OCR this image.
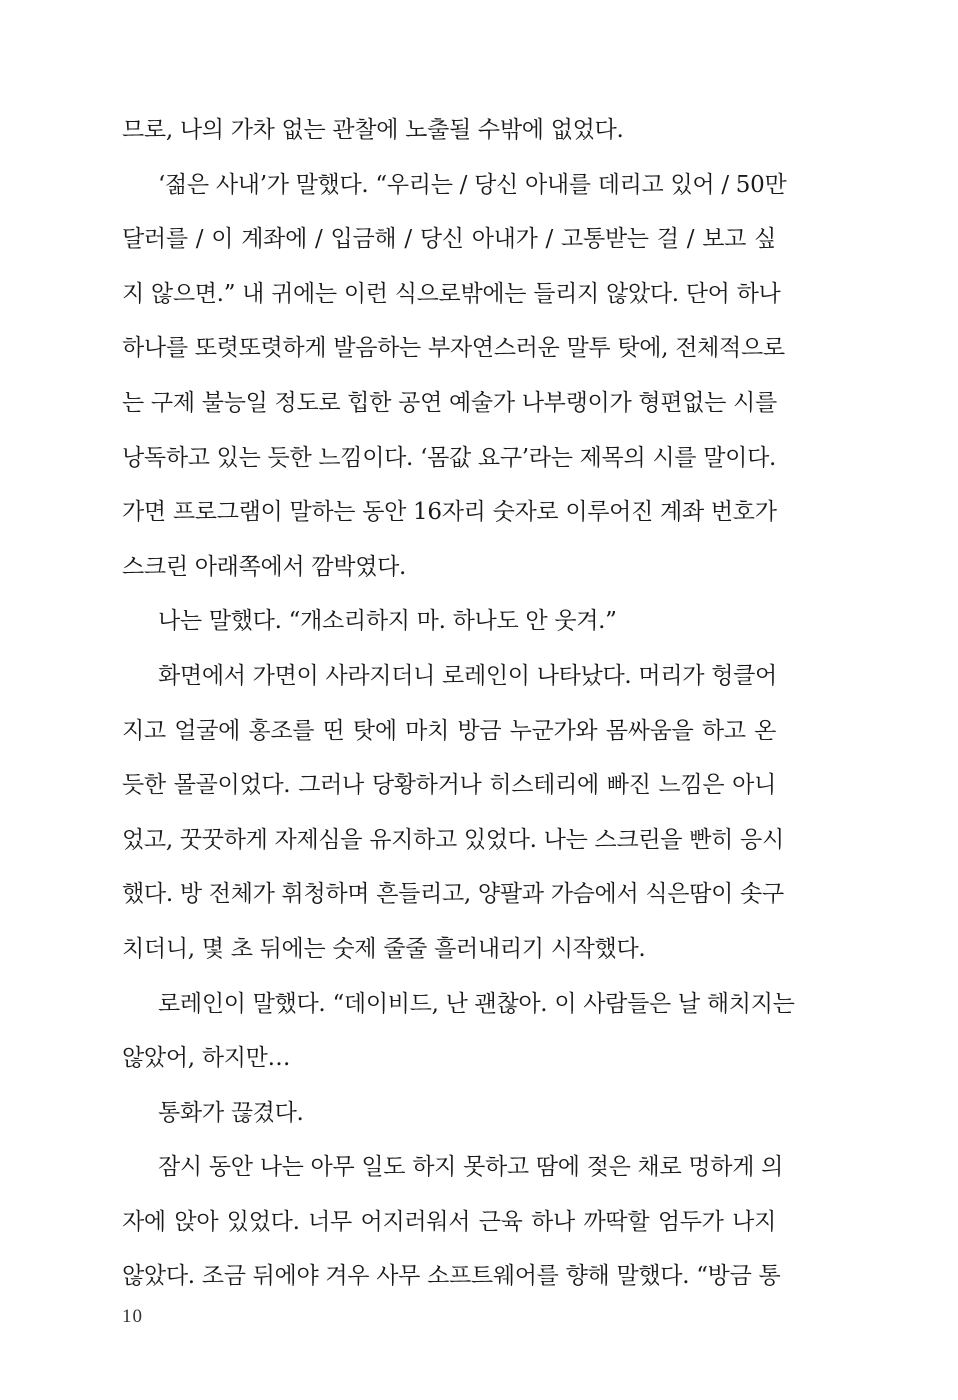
므로, 나의 가차 없는 관찰에 노출될 수밖에 없었다.
‘젊은 사내’가 말했다. “우리는 / 당신 아내를 데리고 있어 / 50만
달러를 / 이 계좌에 / 입금해 / 당신 아내가 / 고통받는 걸 / 보고 싶
지 않으면.” 내 귀에는 이런 식으로밖에는 들리지 않았다. 단어 하나
하나를 또렷또렷하게 발음하는 부자연스러운 말투 탓에, 전체적으로
는 구제 불능일 정도로 힙한 공연 예술가 나부랭이가 형편없는 시를
낭독하고 있는 듯한 느낌이다. ‘몸값 요구’라는 제목의 시를 말이다.
가면 프로그램이 말하는 동안 16자리 숫자로 이루어진 계좌 번호가
스크린 아래쪽에서 깜박였다.
나는 말했다. “개소리하지 마. 하나도 안 웃겨.”
화면에서 가면이 사라지더니 로레인이 나타났다. 머리가 헝클어
지고 얼굴에 홍조를 띤 탓에 마치 방금 누군가와 몸싸움을 하고 온
듯한 몰골이었다. 그러나 당황하거나 히스테리에 빠진 느낌은 아니
었고, 꿋꿋하게 자제심을 유지하고 있었다. 나는 스크린을 빤히 응시
했다. 방 전체가 휘청하며 흔들리고, 양팔과 가슴에서 식은땀이 솟구
치더니, 몇 초 뒤에는 숫제 줄줄 흘러내리기 시작했다.
로레인이 말했다. “데이비드, 난 괜찮아. 이 사람들은 날 해치지는
않았어, 하지만…
통화가 끊겼다.
잠시 동안 나는 아무 일도 하지 못하고 땀에 젖은 채로 멍하게 의
자에 앉아 있었다. 너무 어지러워서 근육 하나 까딱할 엄두가 나지
않았다. 조금 뒤에야 겨우 사무 소프트웨어를 향해 말했다. “방금 통
10
